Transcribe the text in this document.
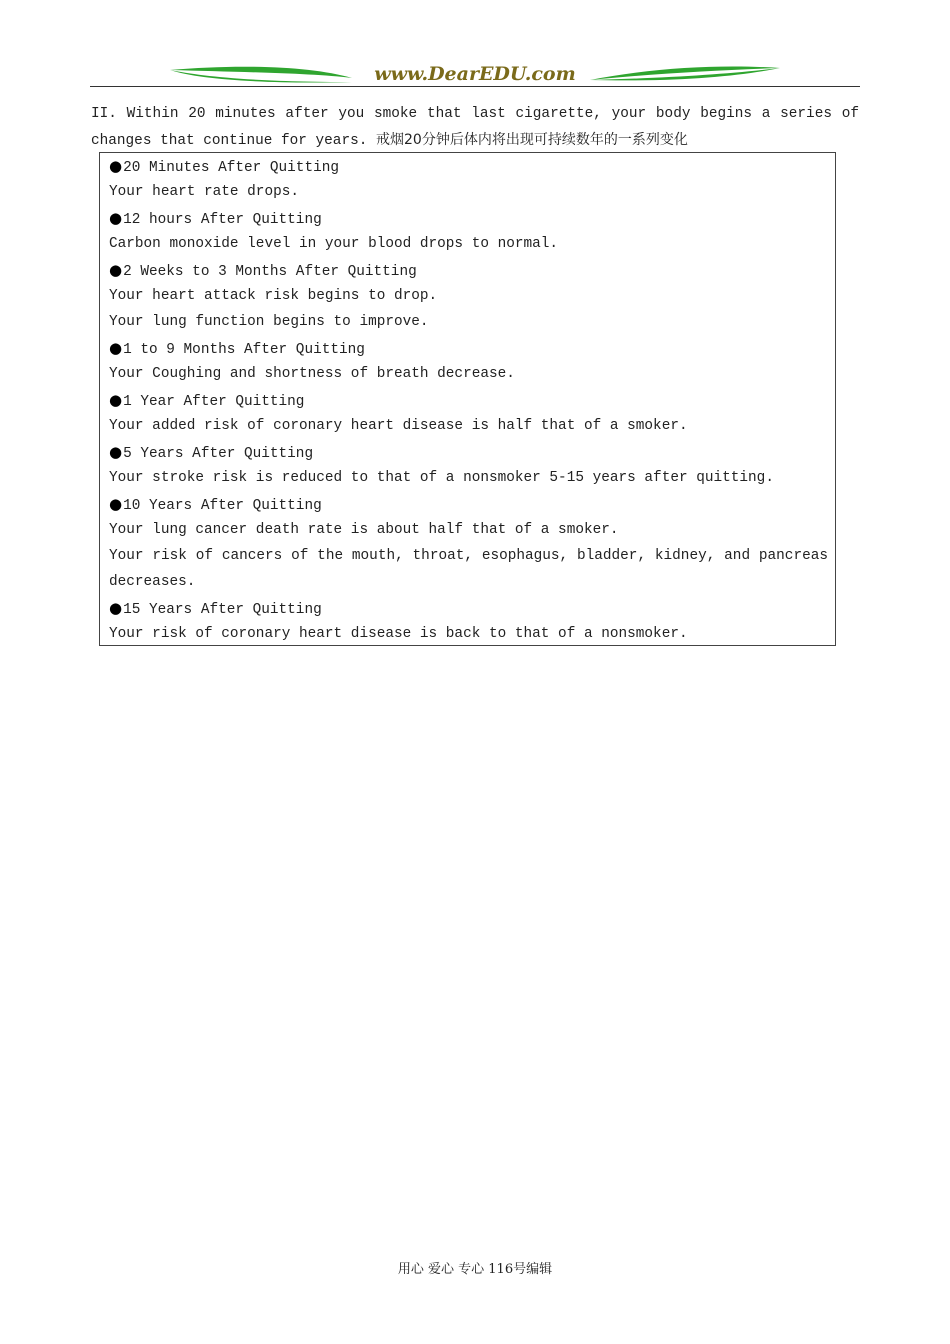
www.DearEDU.com
II. Within 20 minutes after you smoke that last cigarette, your body begins a series of
changes that continue for years. 戒烟20分钟后体内将出现可持续数年的一系列变化
●20 Minutes After Quitting
Your heart rate drops.
●12 hours After Quitting
Carbon monoxide level in your blood drops to normal.
●2 Weeks to 3 Months After Quitting
Your heart attack risk begins to drop.
Your lung function begins to improve.
●1 to 9 Months After Quitting
Your Coughing and shortness of breath decrease.
●1 Year After Quitting
Your added risk of coronary heart disease is half that of a smoker.
●5 Years After Quitting
Your stroke risk is reduced to that of a nonsmoker 5-15 years after quitting.
●10 Years After Quitting
Your lung cancer death rate is about half that of a smoker.
Your risk of cancers of the mouth, throat, esophagus, bladder, kidney, and pancreas decreases.
●15 Years After Quitting
Your risk of coronary heart disease is back to that of a nonsmoker.
用心 爱心 专心 116号编辑
